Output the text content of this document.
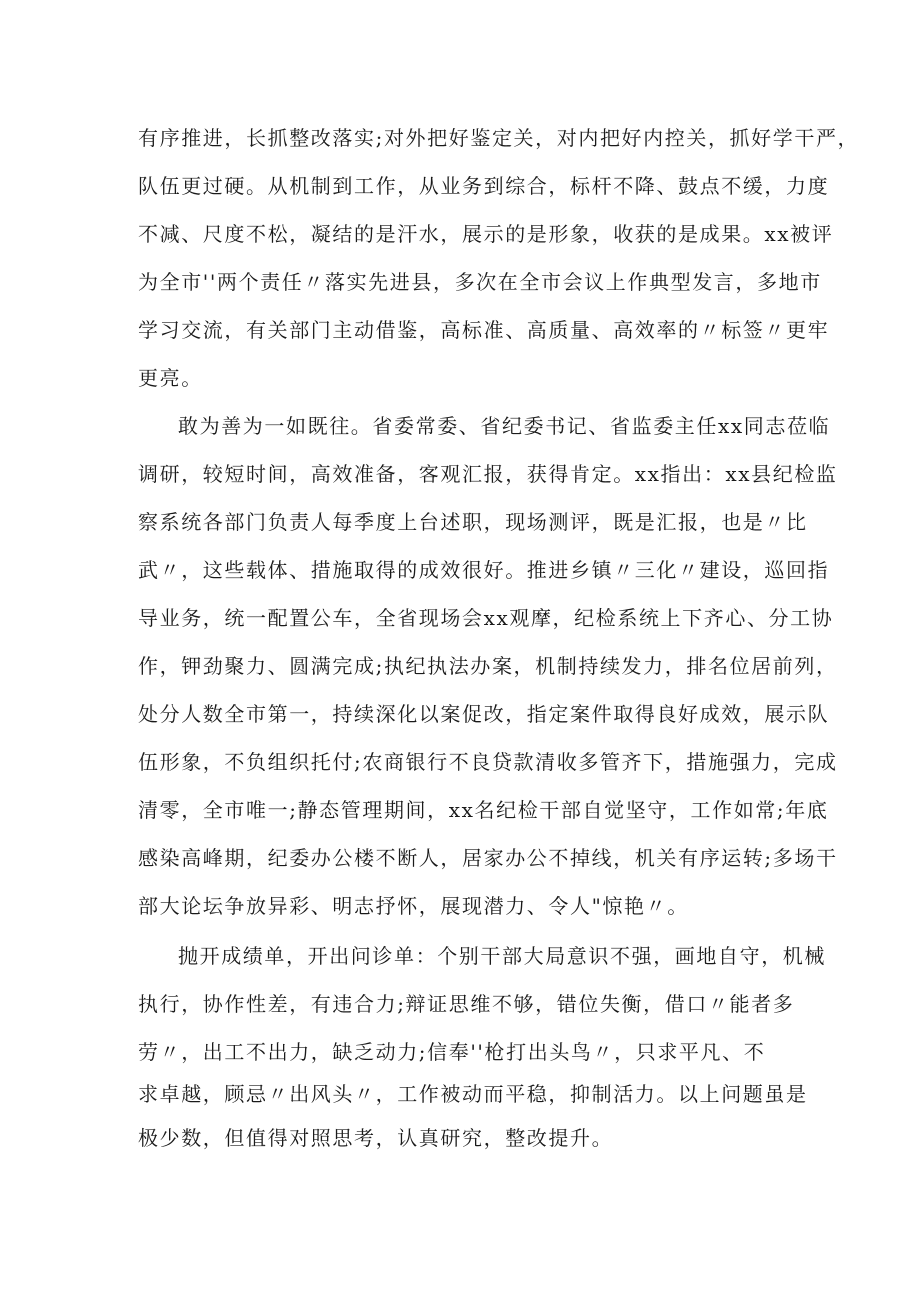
有序推进，长抓整改落实;对外把好鉴定关，对内把好内控关，抓好学干严，
队伍更过硬。从机制到工作，从业务到综合，标杆不降、鼓点不缓，力度
不减、尺度不松，凝结的是汗水，展示的是形象，收获的是成果。xx被评
为全市''两个责任〃落实先进县，多次在全市会议上作典型发言，多地市
学习交流，有关部门主动借鉴，高标准、高质量、高效率的〃标签〃更牢
更亮。
敢为善为一如既往。省委常委、省纪委书记、省监委主任xx同志莅临
调研，较短时间，高效准备，客观汇报，获得肯定。xx指出：xx县纪检监
察系统各部门负责人每季度上台述职，现场测评，既是汇报，也是〃比
武〃，这些载体、措施取得的成效很好。推进乡镇〃三化〃建设，巡回指
导业务，统一配置公车，全省现场会xx观摩，纪检系统上下齐心、分工协
作，钾劲聚力、圆满完成;执纪执法办案，机制持续发力，排名位居前列，
处分人数全市第一，持续深化以案促改，指定案件取得良好成效，展示队
伍形象，不负组织托付;农商银行不良贷款清收多管齐下，措施强力，完成
清零，全市唯一;静态管理期间，xx名纪检干部自觉坚守，工作如常;年底
感染高峰期，纪委办公楼不断人，居家办公不掉线，机关有序运转;多场干
部大论坛争放异彩、明志抒怀，展现潜力、令人"惊艳〃。
抛开成绩单，开出问诊单：个别干部大局意识不强，画地自守，机械
执行，协作性差，有违合力;辩证思维不够，错位失衡，借口〃能者多
劳〃，出工不出力，缺乏动力;信奉''枪打出头鸟〃，只求平凡、不
求卓越，顾忌〃出风头〃，工作被动而平稳，抑制活力。以上问题虽是
极少数，但值得对照思考，认真研究，整改提升。
